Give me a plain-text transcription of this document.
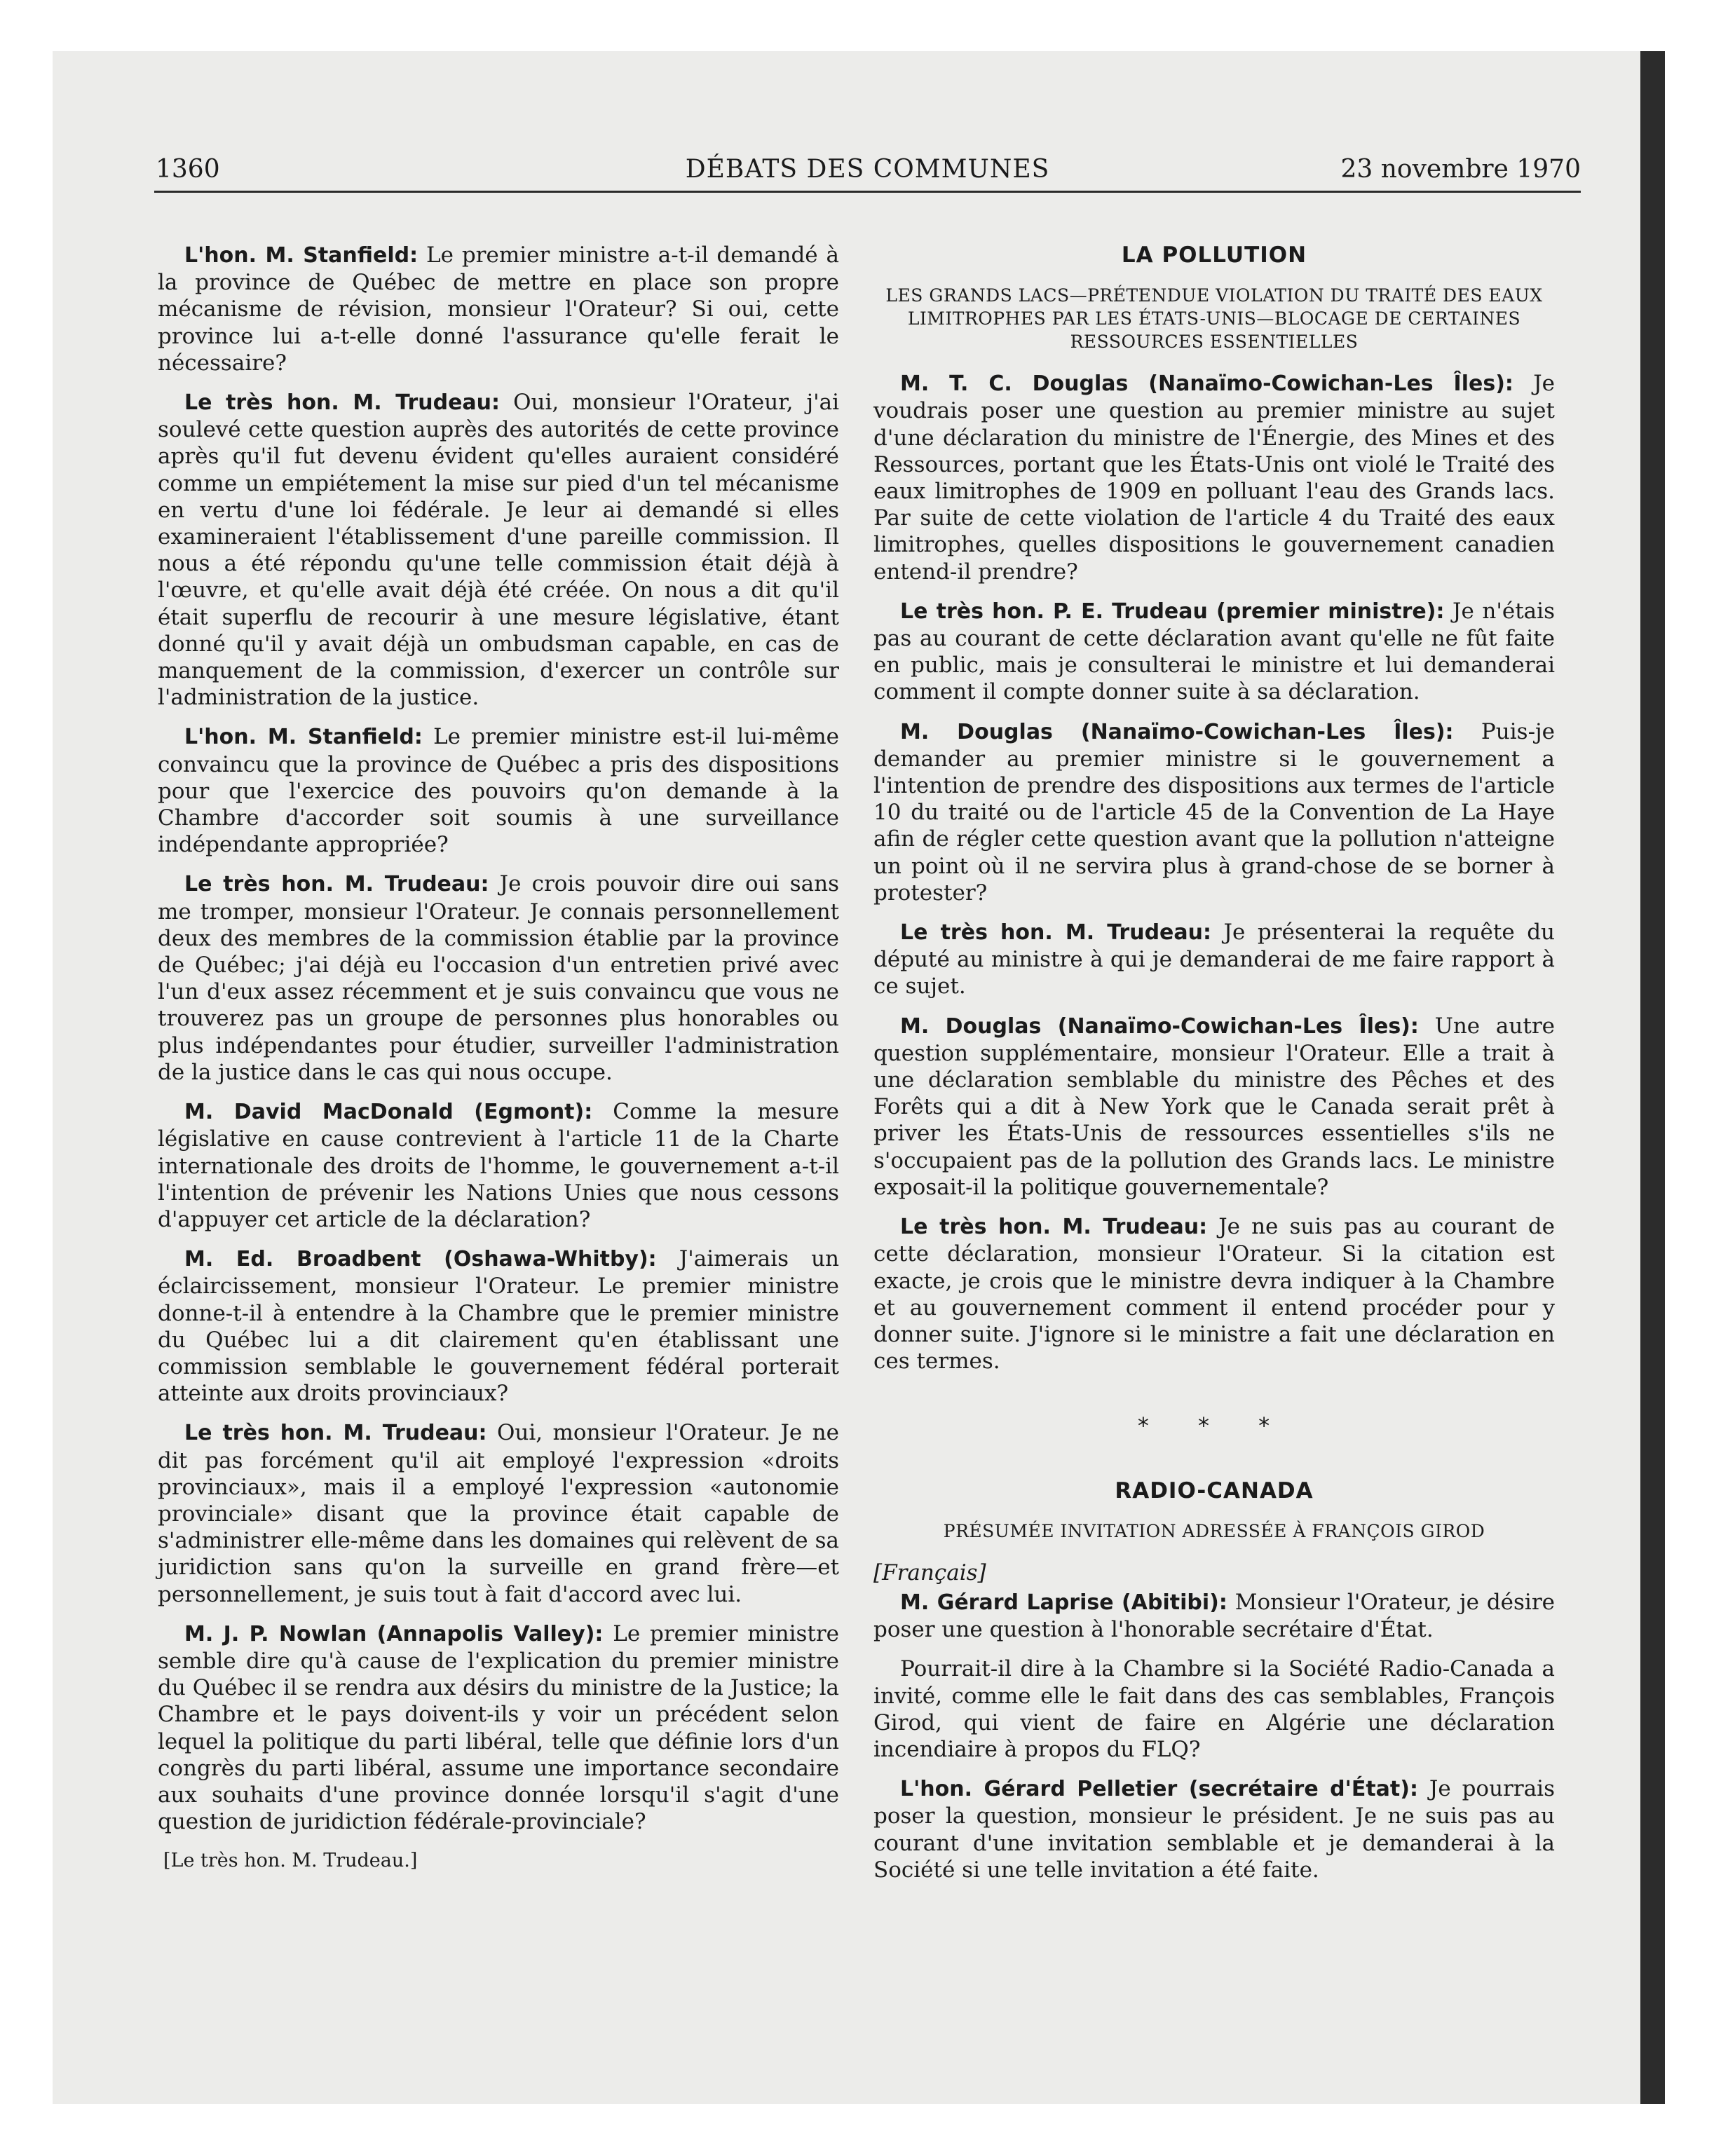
1360	DÉBATS DES COMMUNES	23 novembre 1970

L'hon. M. Stanfield: Le premier ministre a-t-il demandé à la province de Québec de mettre en place son propre mécanisme de révision, monsieur l'Orateur? Si oui, cette province lui a-t-elle donné l'assurance qu'elle ferait le nécessaire?

Le très hon. M. Trudeau: Oui, monsieur l'Orateur, j'ai soulevé cette question auprès des autorités de cette province après qu'il fut devenu évident qu'elles auraient considéré comme un empiétement la mise sur pied d'un tel mécanisme en vertu d'une loi fédérale. Je leur ai demandé si elles examineraient l'établissement d'une pareille commission. Il nous a été répondu qu'une telle commission était déjà à l'œuvre, et qu'elle avait déjà été créée. On nous a dit qu'il était superflu de recourir à une mesure législative, étant donné qu'il y avait déjà un ombudsman capable, en cas de manquement de la commission, d'exercer un contrôle sur l'administration de la justice.

L'hon. M. Stanfield: Le premier ministre est-il lui-même convaincu que la province de Québec a pris des dispositions pour que l'exercice des pouvoirs qu'on demande à la Chambre d'accorder soit soumis à une surveillance indépendante appropriée?

Le très hon. M. Trudeau: Je crois pouvoir dire oui sans me tromper, monsieur l'Orateur. Je connais personnellement deux des membres de la commission établie par la province de Québec; j'ai déjà eu l'occasion d'un entretien privé avec l'un d'eux assez récemment et je suis convaincu que vous ne trouverez pas un groupe de personnes plus honorables ou plus indépendantes pour étudier, surveiller l'administration de la justice dans le cas qui nous occupe.

M. David MacDonald (Egmont): Comme la mesure législative en cause contrevient à l'article 11 de la Charte internationale des droits de l'homme, le gouvernement a-t-il l'intention de prévenir les Nations Unies que nous cessons d'appuyer cet article de la déclaration?

M. Ed. Broadbent (Oshawa-Whitby): J'aimerais un éclaircissement, monsieur l'Orateur. Le premier ministre donne-t-il à entendre à la Chambre que le premier ministre du Québec lui a dit clairement qu'en établissant une commission semblable le gouvernement fédéral porterait atteinte aux droits provinciaux?

Le très hon. M. Trudeau: Oui, monsieur l'Orateur. Je ne dit pas forcément qu'il ait employé l'expression «droits provinciaux», mais il a employé l'expression «autonomie provinciale» disant que la province était capable de s'administrer elle-même dans les domaines qui relèvent de sa juridiction sans qu'on la surveille en grand frère—et personnellement, je suis tout à fait d'accord avec lui.

M. J. P. Nowlan (Annapolis Valley): Le premier ministre semble dire qu'à cause de l'explication du premier ministre du Québec il se rendra aux désirs du ministre de la Justice; la Chambre et le pays doivent-ils y voir un précédent selon lequel la politique du parti libéral, telle que définie lors d'un congrès du parti libéral, assume une importance secondaire aux souhaits d'une province donnée lorsqu'il s'agit d'une question de juridiction fédérale-provinciale?

[Le très hon. M. Trudeau.]
LA POLLUTION
LES GRANDS LACS—PRÉTENDUE VIOLATION DU TRAITÉ DES EAUX LIMITROPHES PAR LES ÉTATS-UNIS—BLOCAGE DE CERTAINES RESSOURCES ESSENTIELLES

M. T. C. Douglas (Nanaïmo-Cowichan-Les Îles): Je voudrais poser une question au premier ministre au sujet d'une déclaration du ministre de l'Énergie, des Mines et des Ressources, portant que les États-Unis ont violé le Traité des eaux limitrophes de 1909 en polluant l'eau des Grands lacs. Par suite de cette violation de l'article 4 du Traité des eaux limitrophes, quelles dispositions le gouvernement canadien entend-il prendre?

Le très hon. P. E. Trudeau (premier ministre): Je n'étais pas au courant de cette déclaration avant qu'elle ne fût faite en public, mais je consulterai le ministre et lui demanderai comment il compte donner suite à sa déclaration.

M. Douglas (Nanaïmo-Cowichan-Les Îles): Puis-je demander au premier ministre si le gouvernement a l'intention de prendre des dispositions aux termes de l'article 10 du traité ou de l'article 45 de la Convention de La Haye afin de régler cette question avant que la pollution n'atteigne un point où il ne servira plus à grand-chose de se borner à protester?

Le très hon. M. Trudeau: Je présenterai la requête du député au ministre à qui je demanderai de me faire rapport à ce sujet.

M. Douglas (Nanaïmo-Cowichan-Les Îles): Une autre question supplémentaire, monsieur l'Orateur. Elle a trait à une déclaration semblable du ministre des Pêches et des Forêts qui a dit à New York que le Canada serait prêt à priver les États-Unis de ressources essentielles s'ils ne s'occupaient pas de la pollution des Grands lacs. Le ministre exposait-il la politique gouvernementale?

Le très hon. M. Trudeau: Je ne suis pas au courant de cette déclaration, monsieur l'Orateur. Si la citation est exacte, je crois que le ministre devra indiquer à la Chambre et au gouvernement comment il entend procéder pour y donner suite. J'ignore si le ministre a fait une déclaration en ces termes.

* * *
RADIO-CANADA
PRÉSUMÉE INVITATION ADRESSÉE À FRANÇOIS GIROD
[Français]

M. Gérard Laprise (Abitibi): Monsieur l'Orateur, je désire poser une question à l'honorable secrétaire d'État.

Pourrait-il dire à la Chambre si la Société Radio-Canada a invité, comme elle le fait dans des cas semblables, François Girod, qui vient de faire en Algérie une déclaration incendiaire à propos du FLQ?

L'hon. Gérard Pelletier (secrétaire d'État): Je pourrais poser la question, monsieur le président. Je ne suis pas au courant d'une invitation semblable et je demanderai à la Société si une telle invitation a été faite.
